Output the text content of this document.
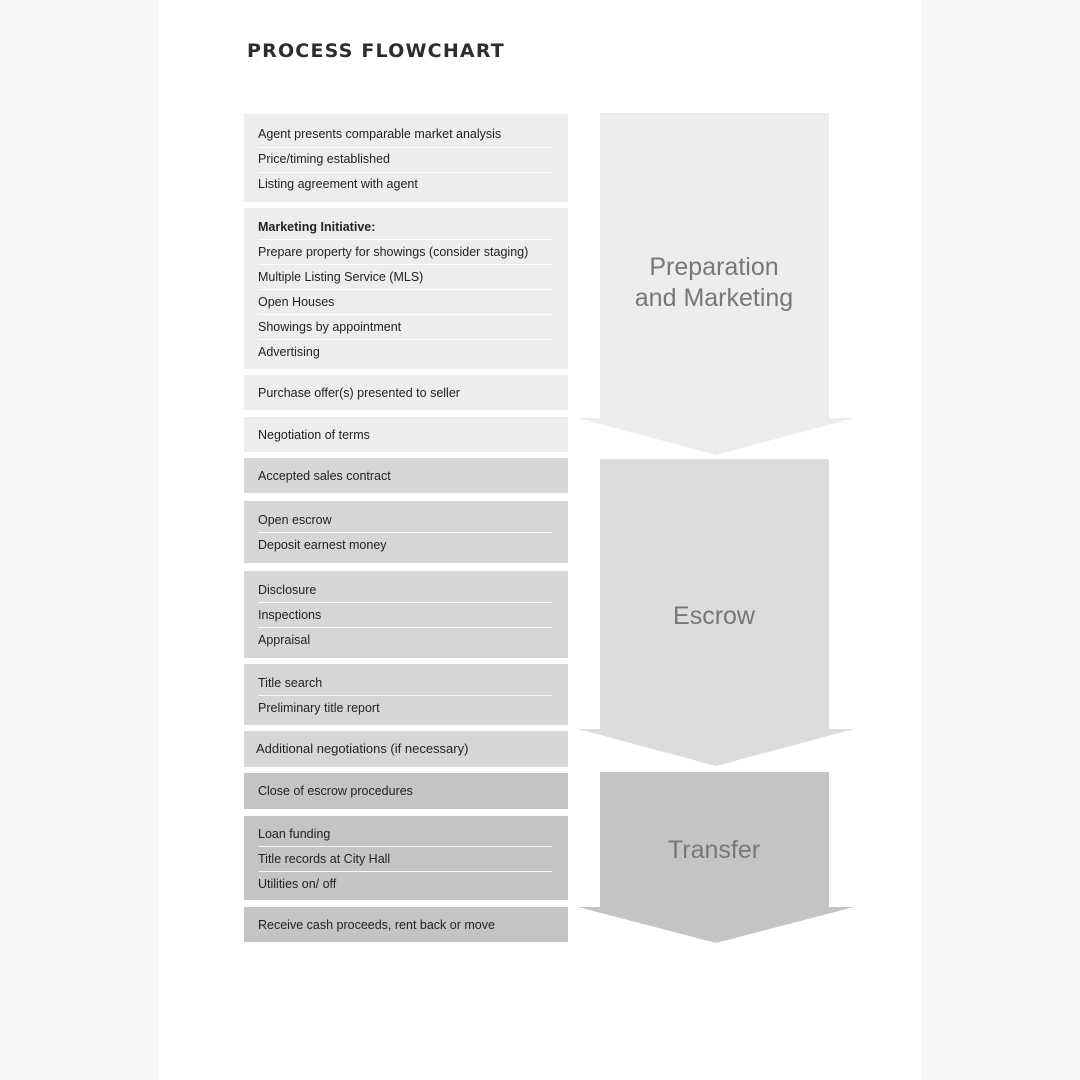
PROCESS FLOWCHART
Preparation
and Marketing
Escrow
Transfer
Agent presents comparable market analysis
Price/timing established
Listing agreement with agent
Marketing Initiative:
Prepare property for showings (consider staging)
Multiple Listing Service (MLS)
Open Houses
Showings by appointment
Advertising
Purchase offer(s) presented to seller
Negotiation of terms
Accepted sales contract
Open escrow
Deposit earnest money
Disclosure
Inspections
Appraisal
Title search
Preliminary title report
Additional negotiations (if necessary)
Close of escrow procedures
Loan funding
Title records at City Hall
Utilities on/ off
Receive cash proceeds, rent back or move
